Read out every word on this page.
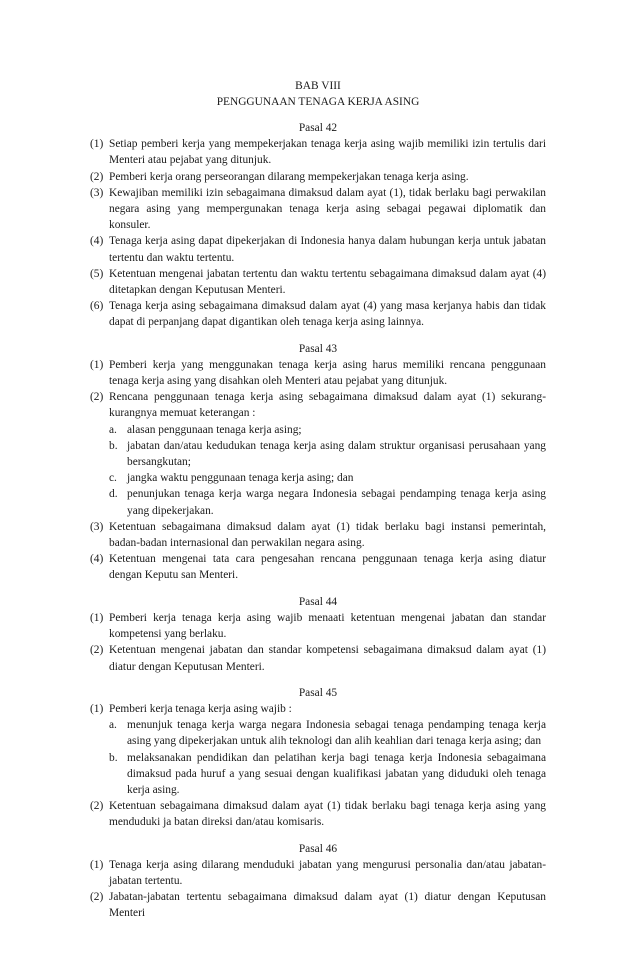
BAB VIII
PENGGUNAAN TENAGA KERJA ASING
Pasal 42
(1) Setiap pemberi kerja yang mempekerjakan tenaga kerja asing wajib memiliki izin tertulis dari Menteri atau pejabat yang ditunjuk.
(2) Pemberi kerja orang perseorangan dilarang mempekerjakan tenaga kerja asing.
(3) Kewajiban memiliki izin sebagaimana dimaksud dalam ayat (1), tidak berlaku bagi perwakilan negara asing yang mempergunakan tenaga kerja asing sebagai pegawai diplomatik dan konsuler.
(4) Tenaga kerja asing dapat dipekerjakan di Indonesia hanya dalam hubungan kerja untuk jabatan tertentu dan waktu tertentu.
(5) Ketentuan mengenai jabatan tertentu dan waktu tertentu sebagaimana dimaksud dalam ayat (4) ditetapkan dengan Keputusan Menteri.
(6) Tenaga kerja asing sebagaimana dimaksud dalam ayat (4) yang masa kerjanya habis dan tidak dapat di perpanjang dapat digantikan oleh tenaga kerja asing lainnya.
Pasal 43
(1) Pemberi kerja yang menggunakan tenaga kerja asing harus memiliki rencana penggunaan tenaga kerja asing yang disahkan oleh Menteri atau pejabat yang ditunjuk.
(2) Rencana penggunaan tenaga kerja asing sebagaimana dimaksud dalam ayat (1) sekurang-kurangnya memuat keterangan :
a. alasan penggunaan tenaga kerja asing;
b. jabatan dan/atau kedudukan tenaga kerja asing dalam struktur organisasi perusahaan yang bersangkutan;
c. jangka waktu penggunaan tenaga kerja asing; dan
d. penunjukan tenaga kerja warga negara Indonesia sebagai pendamping tenaga kerja asing yang dipekerjakan.
(3) Ketentuan sebagaimana dimaksud dalam ayat (1) tidak berlaku bagi instansi pemerintah, badan-badan internasional dan perwakilan negara asing.
(4) Ketentuan mengenai tata cara pengesahan rencana penggunaan tenaga kerja asing diatur dengan Keputu san Menteri.
Pasal 44
(1) Pemberi kerja tenaga kerja asing wajib menaati ketentuan mengenai jabatan dan standar kompetensi yang berlaku.
(2) Ketentuan mengenai jabatan dan standar kompetensi sebagaimana dimaksud dalam ayat (1) diatur dengan Keputusan Menteri.
Pasal 45
(1) Pemberi kerja tenaga kerja asing wajib :
a. menunjuk tenaga kerja warga negara Indonesia sebagai tenaga pendamping tenaga kerja asing yang dipekerjakan untuk alih teknologi dan alih keahlian dari tenaga kerja asing; dan
b. melaksanakan pendidikan dan pelatihan kerja bagi tenaga kerja Indonesia sebagaimana dimaksud pada huruf a yang sesuai dengan kualifikasi jabatan yang diduduki oleh tenaga kerja asing.
(2) Ketentuan sebagaimana dimaksud dalam ayat (1) tidak berlaku bagi tenaga kerja asing yang menduduki ja batan direksi dan/atau komisaris.
Pasal 46
(1) Tenaga kerja asing dilarang menduduki jabatan yang mengurusi personalia dan/atau jabatan-jabatan tertentu.
(2) Jabatan-jabatan tertentu sebagaimana dimaksud dalam ayat (1) diatur dengan Keputusan Menteri
